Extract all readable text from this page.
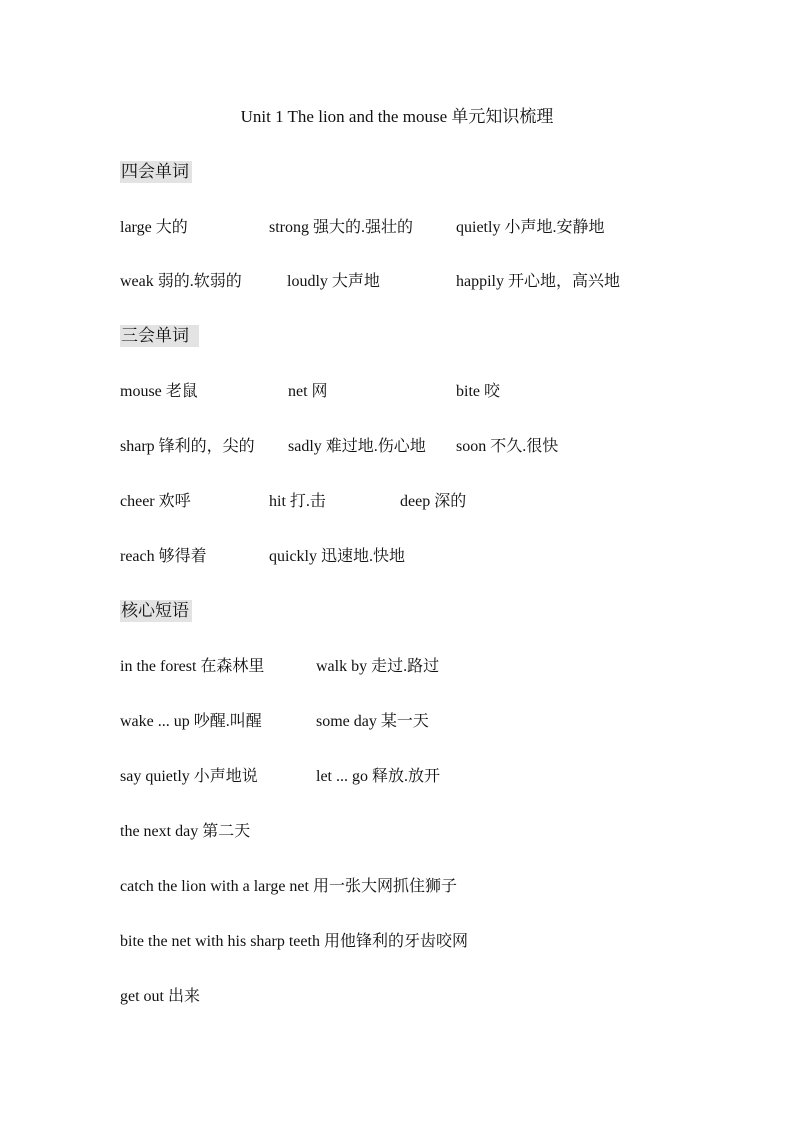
Unit 1 The lion and the mouse 单元知识梳理
四会单词
large 大的	strong 强大的.强壮的	quietly 小声地.安静地
weak 弱的.软弱的	loudly 大声地	happily 开心地，高兴地
三会单词
mouse 老鼠	net 网	bite 咬
sharp 锋利的，尖的 sadly 难过地.伤心地 soon 不久.很快
cheer 欢呼	hit 打.击	deep 深的
reach 够得着	quickly 迅速地.快地
核心短语
in the forest 在森林里	walk by 走过.路过
wake ... up 吵醒.叫醒	some day 某一天
say quietly 小声地说	let ... go 释放.放开
the next day 第二天
catch the lion with a large net 用一张大网抓住狮子
bite the net with his sharp teeth 用他锋利的牙齿咬网
get out 出来
